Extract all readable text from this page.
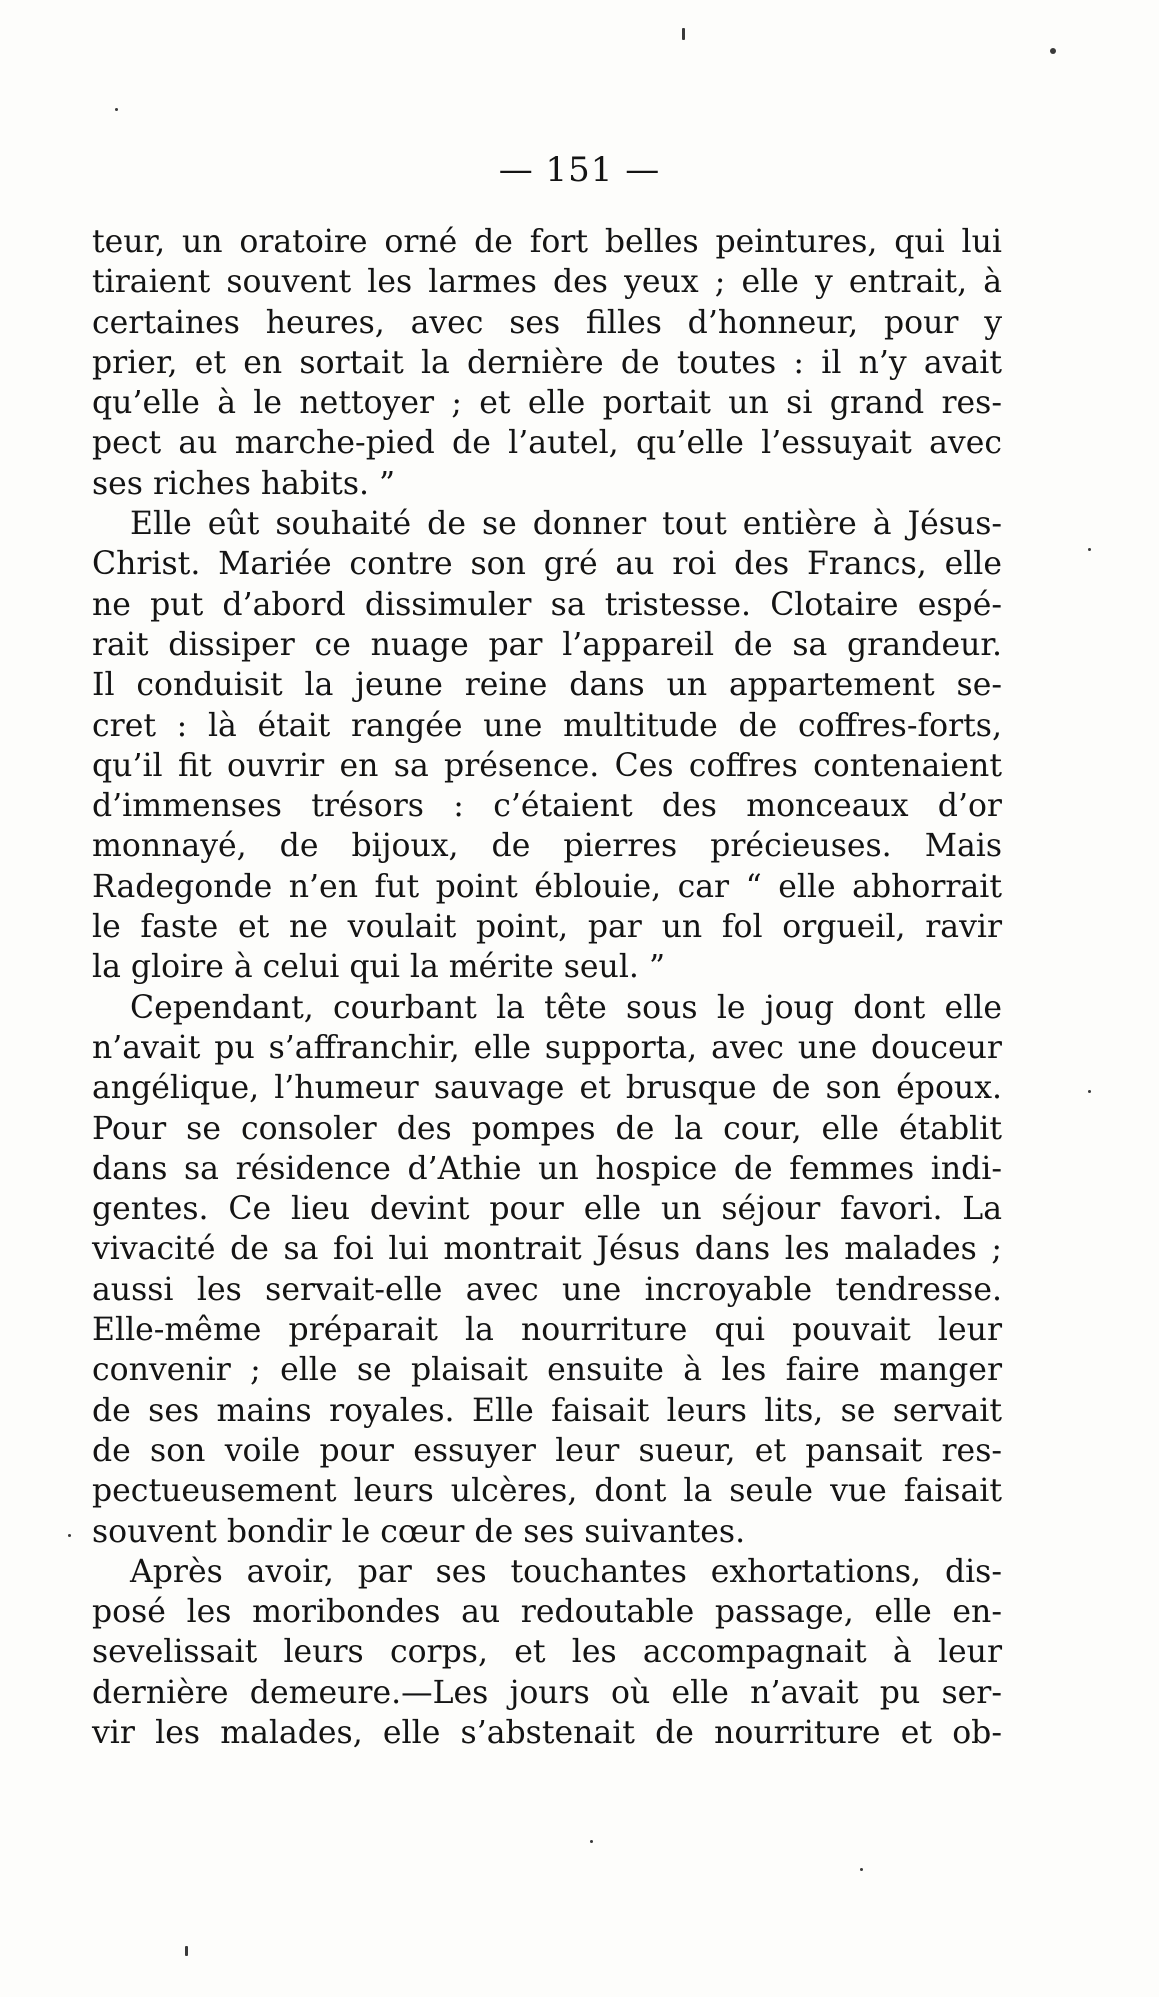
— 151 —
teur, un oratoire orné de fort belles peintures, qui lui
tiraient souvent les larmes des yeux ; elle y entrait, à
certaines heures, avec ses filles d’honneur, pour y
prier, et en sortait la dernière de toutes : il n’y avait
qu’elle à le nettoyer ; et elle portait un si grand res-
pect au marche-pied de l’autel, qu’elle l’essuyait avec
ses riches habits. ”
Elle eût souhaité de se donner tout entière à Jésus-
Christ. Mariée contre son gré au roi des Francs, elle
ne put d’abord dissimuler sa tristesse. Clotaire espé-
rait dissiper ce nuage par l’appareil de sa grandeur.
Il conduisit la jeune reine dans un appartement se-
cret : là était rangée une multitude de coffres-forts,
qu’il fit ouvrir en sa présence. Ces coffres contenaient
d’immenses trésors : c’étaient des monceaux d’or
monnayé, de bijoux, de pierres précieuses. Mais
Radegonde n’en fut point éblouie, car “ elle abhorrait
le faste et ne voulait point, par un fol orgueil, ravir
la gloire à celui qui la mérite seul. ”
Cependant, courbant la tête sous le joug dont elle
n’avait pu s’affranchir, elle supporta, avec une douceur
angélique, l’humeur sauvage et brusque de son époux.
Pour se consoler des pompes de la cour, elle établit
dans sa résidence d’Athie un hospice de femmes indi-
gentes. Ce lieu devint pour elle un séjour favori. La
vivacité de sa foi lui montrait Jésus dans les malades ;
aussi les servait-elle avec une incroyable tendresse.
Elle-même préparait la nourriture qui pouvait leur
convenir ; elle se plaisait ensuite à les faire manger
de ses mains royales. Elle faisait leurs lits, se servait
de son voile pour essuyer leur sueur, et pansait res-
pectueusement leurs ulcères, dont la seule vue faisait
souvent bondir le cœur de ses suivantes.
Après avoir, par ses touchantes exhortations, dis-
posé les moribondes au redoutable passage, elle en-
sevelissait leurs corps, et les accompagnait à leur
dernière demeure.—Les jours où elle n’avait pu ser-
vir les malades, elle s’abstenait de nourriture et ob-
